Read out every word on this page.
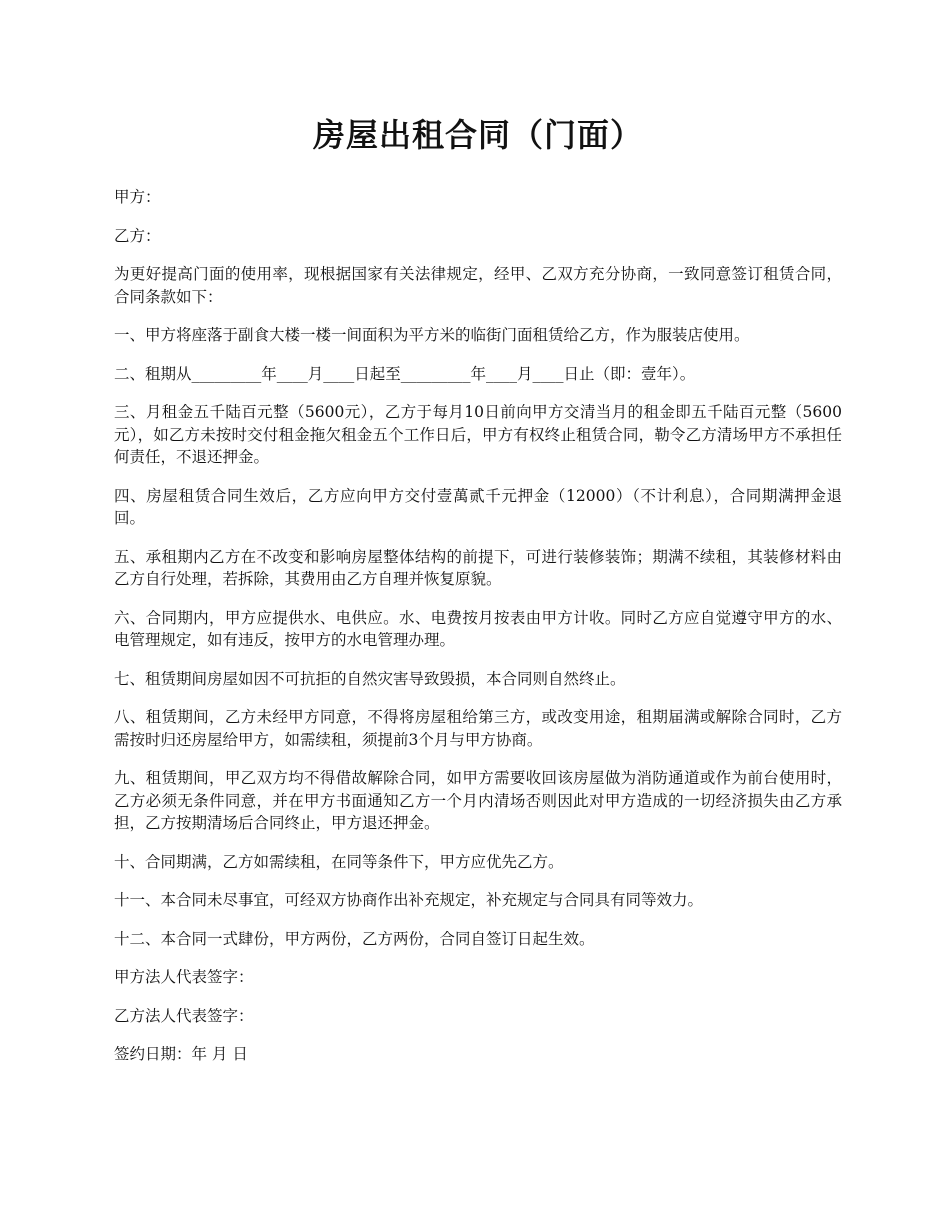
房屋出租合同（门面）

甲方：

乙方：

为更好提高门面的使用率，现根据国家有关法律规定，经甲、乙双方充分协商，一致同意签订租赁合同，合同条款如下：

一、甲方将座落于副食大楼一楼一间面积为平方米的临街门面租赁给乙方，作为服装店使用。

二、租期从_________年____月____日起至_________年____月____日止（即：壹年）。

三、月租金五千陆百元整（5600元），乙方于每月10日前向甲方交清当月的租金即五千陆百元整（5600元），如乙方未按时交付租金拖欠租金五个工作日后，甲方有权终止租赁合同，勒令乙方清场甲方不承担任何责任，不退还押金。

四、房屋租赁合同生效后，乙方应向甲方交付壹萬贰千元押金（12000）（不计利息），合同期满押金退回。

五、承租期内乙方在不改变和影响房屋整体结构的前提下，可进行装修装饰；期满不续租，其装修材料由乙方自行处理，若拆除，其费用由乙方自理并恢复原貌。

六、合同期内，甲方应提供水、电供应。水、电费按月按表由甲方计收。同时乙方应自觉遵守甲方的水、电管理规定，如有违反，按甲方的水电管理办理。

七、租赁期间房屋如因不可抗拒的自然灾害导致毁损，本合同则自然终止。

八、租赁期间，乙方未经甲方同意，不得将房屋租给第三方，或改变用途，租期届满或解除合同时，乙方需按时归还房屋给甲方，如需续租，须提前3个月与甲方协商。

九、租赁期间，甲乙双方均不得借故解除合同，如甲方需要收回该房屋做为消防通道或作为前台使用时，乙方必须无条件同意，并在甲方书面通知乙方一个月内清场否则因此对甲方造成的一切经济损失由乙方承担，乙方按期清场后合同终止，甲方退还押金。

十、合同期满，乙方如需续租，在同等条件下，甲方应优先乙方。

十一、本合同未尽事宜，可经双方协商作出补充规定，补充规定与合同具有同等效力。

十二、本合同一式肆份，甲方两份，乙方两份，合同自签订日起生效。

甲方法人代表签字：

乙方法人代表签字：

签约日期：年 月 日
